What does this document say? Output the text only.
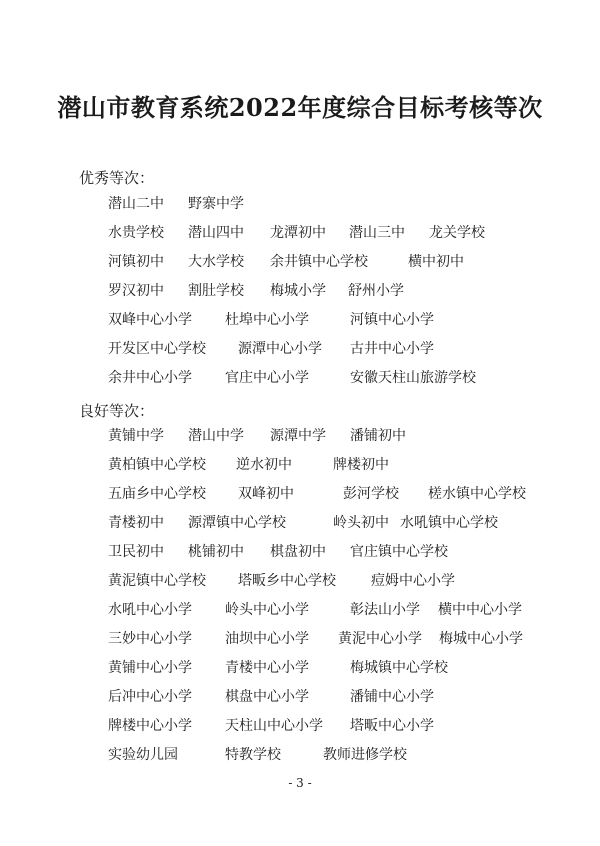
潜山市教育系统2022年度综合目标考核等次

优秀等次：

潜山二中 野寨中学

水贵学校 潜山四中 龙潭初中 潜山三中 龙关学校

河镇初中 大水学校 余井镇中心学校	横中初中

罗汉初中 割肚学校 梅城小学 舒州小学

双峰中心小学 杜埠中心小学	河镇中心小学

开发区中心学校 源潭中心小学 古井中心小学

余井中心小学 官庄中心小学	安徽天柱山旅游学校

良好等次：

黄铺中学 潜山中学 源潭中学 潘铺初中

黄柏镇中心学校 逆水初中	牌楼初中

五庙乡中心学校 双峰初中	彭河学校 槎水镇中心学校

青楼初中 源潭镇中心学校	岭头初中 水吼镇中心学校

卫民初中 桃铺初中 棋盘初中 官庄镇中心学校

黄泥镇中心学校 塔畈乡中心学校	痘姆中心小学

水吼中心小学 岭头中心小学	彰法山小学 横中中心小学

三妙中心小学 油坝中心小学 黄泥中心小学 梅城中心小学

黄铺中心小学 青楼中心小学	梅城镇中心学校

后冲中心小学 棋盘中心小学	潘铺中心小学

牌楼中心小学 天柱山中心小学 塔畈中心小学

实验幼儿园	特教学校	教师进修学校

- 3 -
